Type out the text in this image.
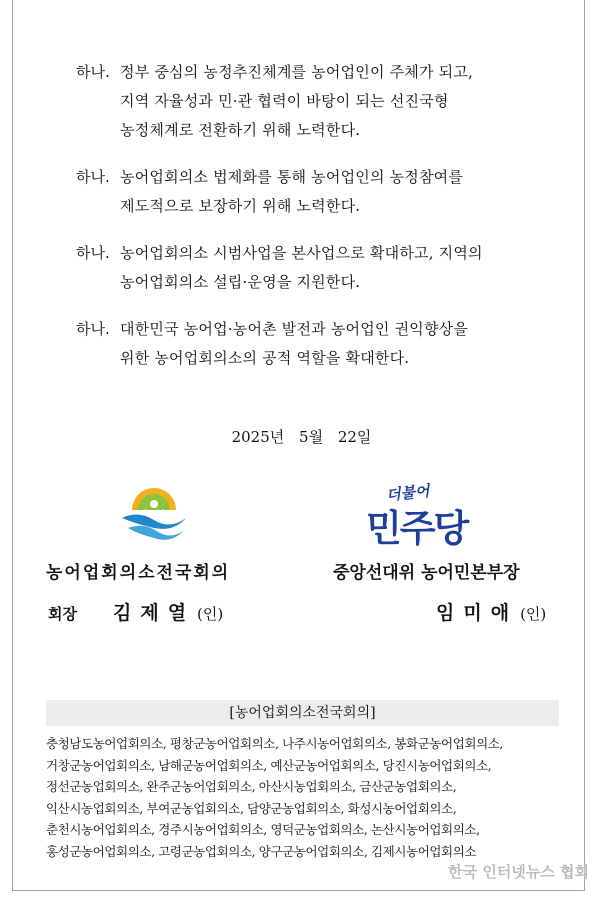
하나. 정부 중심의 농정추진체계를 농어업인이 주체가 되고,
지역 자율성과 민·관 협력이 바탕이 되는 선진국형
농정체계로 전환하기 위해 노력한다.
하나. 농어업회의소 법제화를 통해 농어업인의 농정참여를
제도적으로 보장하기 위해 노력한다.
하나. 농어업회의소 시범사업을 본사업으로 확대하고, 지역의
농어업회의소 설립·운영을 지원한다.
하나. 대한민국 농어업·농어촌 발전과 농어업인 권익향상을
위한 농어업회의소의 공적 역할을 확대한다.
2025년 5월 22일
더불어
민주당
농어업회의소전국회의	중앙선대위 농어민본부장
회장 김제열 (인)	임미애 (인)
[농어업회의소전국회의]
충청남도농어업회의소, 평창군농어업회의소, 나주시농어업회의소, 봉화군농어업회의소,
거창군농어업회의소, 남해군농어업회의소, 예산군농어업회의소, 당진시농어업회의소,
정선군농업회의소, 완주군농어업회의소, 아산시농업회의소, 금산군농업회의소,
익산시농업회의소, 부여군농업회의소, 담양군농업회의소, 화성시농어업회의소,
춘천시농어업회의소, 경주시농어업회의소, 영덕군농업회의소, 논산시농어업회의소,
홍성군농어업회의소, 고령군농업회의소, 양구군농어업회의소, 김제시농어업회의소
한국 인터넷뉴스 협회
